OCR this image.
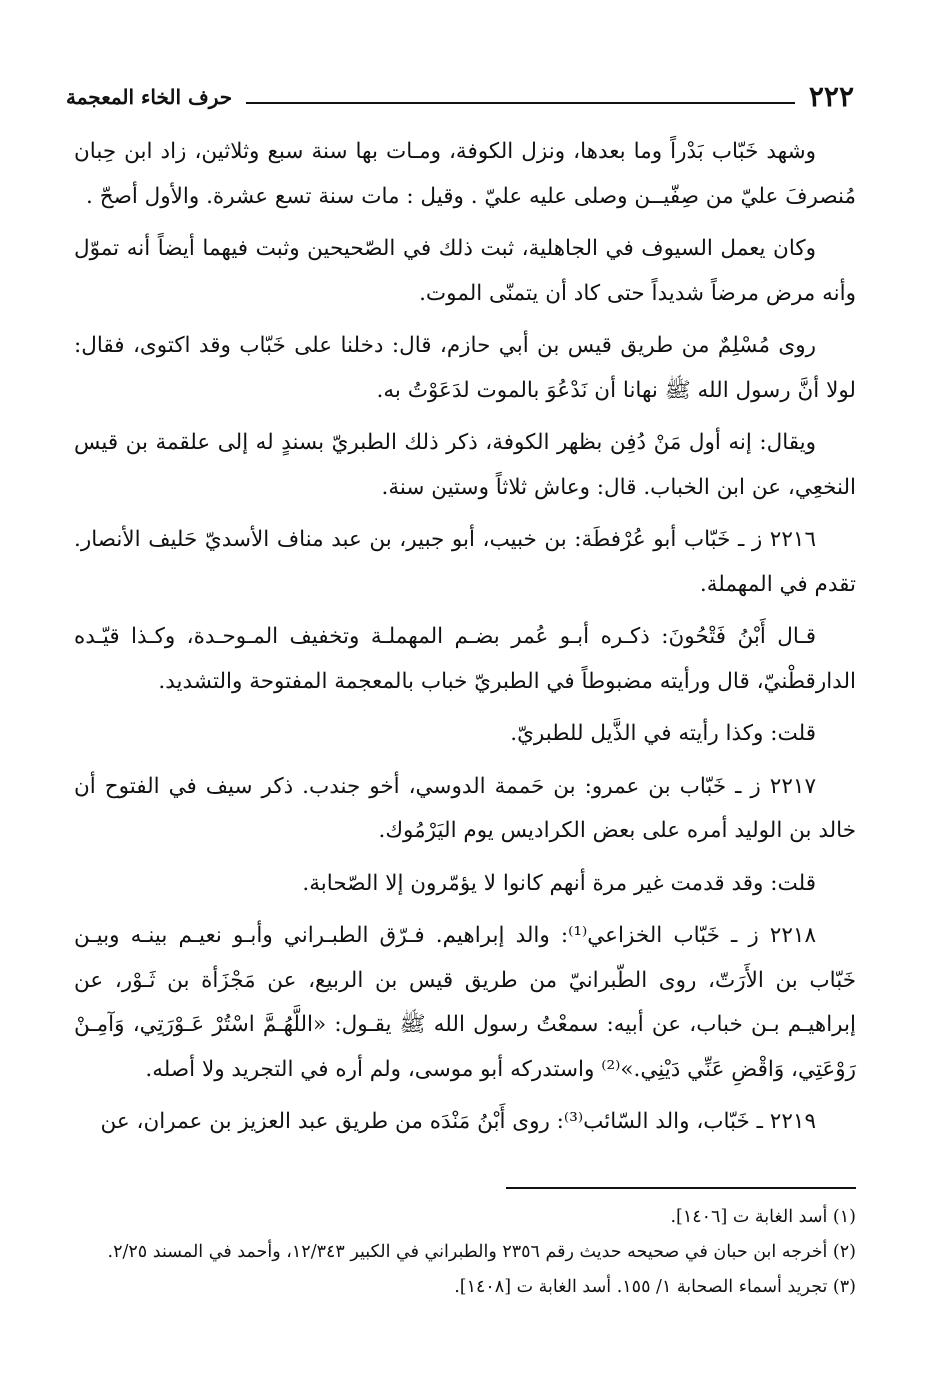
٢٢٢
حرف الخاء المعجمة

وشهد خَبّاب بَدْراً وما بعدها، ونزل الكوفة، ومـات بها سنة سبع وثلاثين، زاد ابن حِبان مُنصرفَ عليّ من صِفّيــن وصلى عليه عليّ . وقيل : مات سنة تسع عشرة. والأول أصحّ .

وكان يعمل السيوف في الجاهلية، ثبت ذلك في الصّحيحين وثبت فيهما أيضاً أنه تموّل وأنه مرض مرضاً شديداً حتى كاد أن يتمنّى الموت.

روى مُسْلِمٌ من طريق قيس بن أبي حازم، قال: دخلنا على خَبّاب وقد اكتوى، فقال: لولا أنَّ رسول الله ﷺ نهانا أن نَدْعُوَ بالموت لدَعَوْتُ به.

ويقال: إنه أول مَنْ دُفِن بظهر الكوفة، ذكر ذلك الطبريّ بسندٍ له إلى علقمة بن قيس النخعِي، عن ابن الخباب. قال: وعاش ثلاثاً وستين سنة.

٢٢١٦ ز ـ خَبّاب أبو عُرْفطَة: بن خبيب، أبو جبير، بن عبد مناف الأسديّ حَليف الأنصار. تقدم في المهملة.

قـال أَبْنُ فَتْحُونَ: ذكـره أبـو عُمر بضـم المهملـة وتخفيف المـوحـدة، وكـذا قيّـده الدارقطْنيّ، قال ورأيته مضبوطاً في الطبريّ خباب بالمعجمة المفتوحة والتشديد.

قلت: وكذا رأيته في الذَّيل للطبريّ.

٢٢١٧ ز ـ خَبّاب بن عمرو: بن حَممة الدوسي، أخو جندب. ذكر سيف في الفتوح أن خالد بن الوليد أمره على بعض الكراديس يوم اليَرْمُوك.

قلت: وقد قدمت غير مرة أنهم كانوا لا يؤمّرون إلا الصّحابة.

٢٢١٨ ز ـ خَبّاب الخزاعي⁽¹⁾: والد إبراهيم. فـرّق الطبـراني وأبـو نعيـم بينـه وبيـن خَبّاب بن الأَرَتّ، روى الطّبرانيّ من طريق قيس بن الربيع، عن مَجْزَأة بن ثَـوْر، عن إبراهيـم بـن خباب، عن أبيه: سمعْتُ رسول الله ﷺ يقـول: «اللَّهُـمَّ اسْتُرْ عَـوْرَتِي، وَآمِـنْ رَوْعَتِي، وَاقْضِ عَنِّي دَيْنِي.»⁽²⁾ واستدركه أبو موسى، ولم أره في التجريد ولا أصله.

٢٢١٩ ـ خَبّاب، والد السّائب⁽³⁾: روى أَبْنُ مَنْدَه من طريق عبد العزيز بن عمران، عن

(١) أسد الغابة ت [١٤٠٦].

(٢) أخرجه ابن حبان في صحيحه حديث رقم ٢٣٥٦ والطبراني في الكبير ١٢/٣٤٣، وأحمد في المسند ٢/٢٥.

(٣) تجريد أسماء الصحابة ١/ ١٥٥. أسد الغابة ت [١٤٠٨].
